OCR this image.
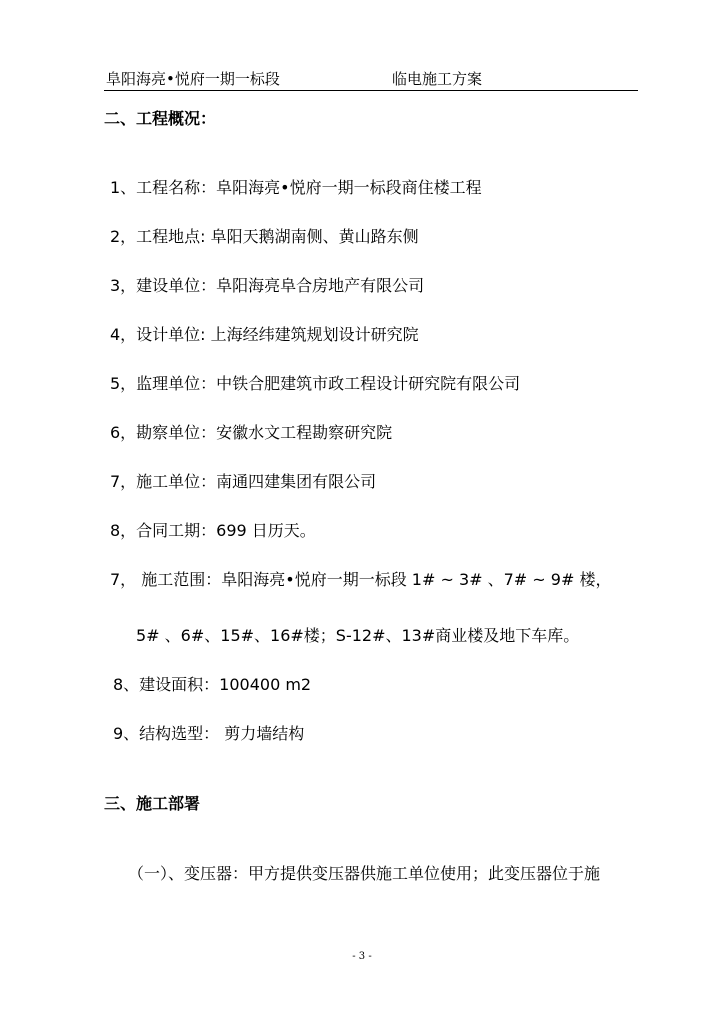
阜阳海亮•悦府一期一标段	临电施工方案
二、工程概况：
1、工程名称：阜阳海亮•悦府一期一标段商住楼工程
2，工程地点: 阜阳天鹅湖南侧、黄山路东侧
3，建设单位：阜阳海亮阜合房地产有限公司
4，设计单位: 上海经纬建筑规划设计研究院
5，监理单位：中铁合肥建筑市政工程设计研究院有限公司
6，勘察单位：安徽水文工程勘察研究院
7，施工单位：南通四建集团有限公司
8，合同工期：699 日历天。
7， 施工范围：阜阳海亮•悦府一期一标段 1# ~ 3# 、7# ~ 9# 楼，
5# 、6#、15#、16#楼；S-12#、13#商业楼及地下车库。
8、建设面积：100400 m2
9、结构选型： 剪力墙结构
三、施工部署
（一）、变压器：甲方提供变压器供施工单位使用；此变压器位于施
- 3 -
